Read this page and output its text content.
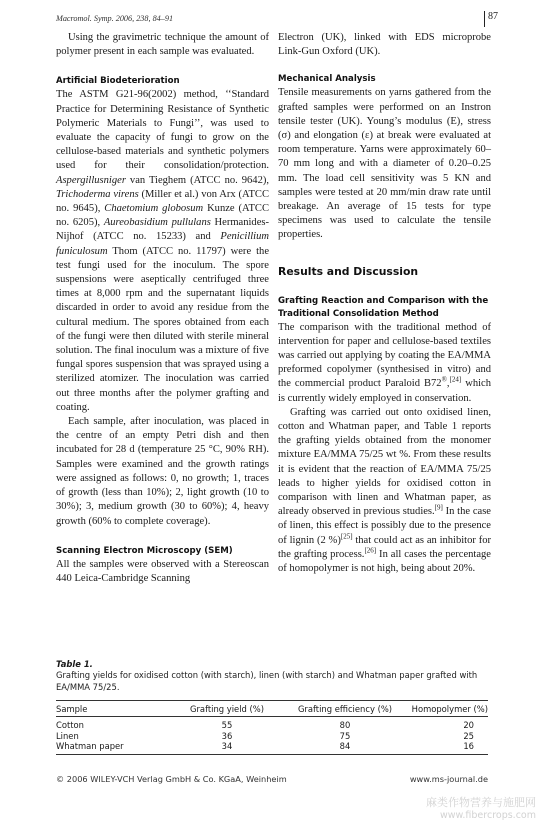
Macromol. Symp. 2006, 238, 84–91	87

Using the gravimetric technique the amount of polymer present in each sample was evaluated.

Artificial Biodeterioration

The ASTM G21-96(2002) method, ‘‘Standard Practice for Determining Resistance of Synthetic Polymeric Materials to Fungi’’, was used to evaluate the capacity of fungi to grow on the cellulose-based materials and synthetic polymers used for their consolidation/protection. Aspergillusniger van Tieghem (ATCC no. 9642), Trichoderma virens (Miller et al.) von Arx (ATCC no. 9645), Chaetomium globosum Kunze (ATCC no. 6205), Aureobasidium pullulans Hermanides-Nijhof (ATCC no. 15233) and Penicillium funiculosum Thom (ATCC no. 11797) were the test fungi used for the inoculum. The spore suspensions were aseptically centrifuged three times at 8,000 rpm and the supernatant liquids discarded in order to avoid any residue from the cultural medium. The spores obtained from each of the fungi were then diluted with sterile mineral solution. The final inoculum was a mixture of five fungal spores suspension that was sprayed using a sterilized atomizer. The inoculation was carried out three months after the polymer grafting and coating.

Each sample, after inoculation, was placed in the centre of an empty Petri dish and then incubated for 28 d (temperature 25 °C, 90% RH). Samples were examined and the growth ratings were assigned as follows: 0, no growth; 1, traces of growth (less than 10%); 2, light growth (10 to 30%); 3, medium growth (30 to 60%); 4, heavy growth (60% to complete coverage).

Scanning Electron Microscopy (SEM)

All the samples were observed with a Stereoscan 440 Leica-Cambridge Scanning

Electron (UK), linked with EDS microprobe Link-Gun Oxford (UK).

Mechanical Analysis

Tensile measurements on yarns gathered from the grafted samples were performed on an Instron tensile tester (UK). Young’s modulus (E), stress (σ) and elongation (ε) at break were evaluated at room temperature. Yarns were approximately 60–70 mm long and with a diameter of 0.20–0.25 mm. The load cell sensitivity was 5 KN and samples were tested at 20 mm/min draw rate until breakage. An average of 15 tests for type specimens was used to calculate the tensile properties.

Results and Discussion
Grafting Reaction and Comparison with the Traditional Consolidation Method

The comparison with the traditional method of intervention for paper and cellulose-based textiles was carried out applying by coating the EA/MMA preformed copolymer (synthesised in vitro) and the commercial product Paraloid B72®,[24] which is currently widely employed in conservation.

Grafting was carried out onto oxidised linen, cotton and Whatman paper, and Table 1 reports the grafting yields obtained from the monomer mixture EA/MMA 75/25 wt %. From these results it is evident that the reaction of EA/MMA 75/25 leads to higher yields for oxidised cotton in comparison with linen and Whatman paper, as already observed in previous studies.[9] In the case of linen, this effect is possibly due to the presence of lignin (2 %)[25] that could act as an inhibitor for the grafting process.[26] In all cases the percentage of homopolymer is not high, being about 20%.

Table 1.
Grafting yields for oxidised cotton (with starch), linen (with starch) and Whatman paper grafted with EA/MMA 75/25.
Sample	Grafting yield (%)	Grafting efficiency (%)	Homopolymer (%)
Cotton	55	80	20
Linen	36	75	25
Whatman paper	34	84	16
© 2006 WILEY-VCH Verlag GmbH & Co. KGaA, Weinheim	www.ms-journal.de
麻类作物营养与施肥网
www.fibercrops.com
